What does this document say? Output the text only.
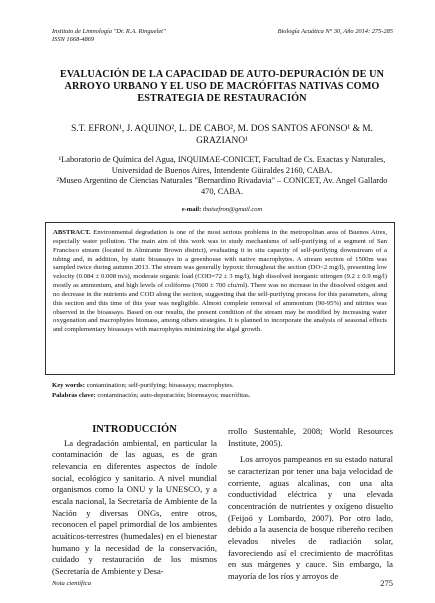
Instituto de Limnología "Dr. R.A. Ringuelet"
ISSN 1668-4869
Biología Acuática N° 30, Año 2014: 275-285
EVALUACIÓN DE LA CAPACIDAD DE AUTO-DEPURACIÓN DE UN ARROYO URBANO Y EL USO DE MACRÓFITAS NATIVAS COMO ESTRATEGIA DE RESTAURACIÓN
S.T. EFRON¹, J. AQUINO², L. DE CABO², M. DOS SANTOS AFONSO¹ & M. GRAZIANO¹
¹Laboratorio de Química del Agua, INQUIMAE-CONICET, Facultad de Cs. Exactas y Naturales, Universidad de Buenos Aires, Intendente Güiraldes 2160, CABA.
²Museo Argentino de Ciencias Naturales "Bernardino Rivadavia" – CONICET, Av. Angel Gallardo 470, CABA.
e-mail: thaisefron@gmail.com
ABSTRACT. Environmental degradation is one of the most serious problems in the metropolitan area of Buenos Aires, especially water pollution. The main aim of this work was to study mechanisms of self-purifying of a segment of San Francisco stream (located in Almirante Brown district), evaluating it in situ capacity of self-purifying downstream of a tubing and, in addition, by static bioassays in a greenhouse with native macrophytes. A stream section of 1500m was sampled twice during autumn 2013. The stream was generally hypoxic throughout the section (DO<2 mg/l), presenting low velocity (0.084 ± 0.008 m/s), moderate organic load (COD=72 ± 3 mg/l), high dissolved inorganic nitrogen (9.2 ± 0.9 mg/l) mostly as ammonium, and high levels of coliforms (7600 ± 700 cfu/ml). There was no increase in the dissolved oxigen and no decrease in the nutrients and COD along the section, suggesting that the self-purifying process for this parameters, along this section and this time of this year was negligible. Almost complete removal of ammonium (90-95%) and nitrites was observed in the bioassays. Based on our results, the present condition of the stream may be modified by increasing water oxygenation and macrophytes biomass, among others strategies. It is planned to incorporate the analysis of seasonal effects and complementary bioassays with macrophytes minimizing the algal growth.
Key words: contamination; self-purifying; bioassays; macrophytes.
Palabras clave: contaminación; auto-depuración; bioensayos; macrófitas.
INTRODUCCIÓN
La degradación ambiental, en particular la contaminación de las aguas, es de gran relevancia en diferentes aspectos de índole social, ecológico y sanitario. A nivel mundial organismos como la ONU y la UNESCO, y a escala nacional, la Secretaría de Ambiente de la Nación y diversas ONGs, entre otros, reconocen el papel primordial de los ambientes acuáticos-terrestres (humedales) en el bienestar humano y la necesidad de la conservación, cuidado y restauración de los mismos (Secretaría de Ambiente y Desa-
rrollo Sustentable, 2008; World Resources Institute, 2005).
Los arroyos pampeanos en su estado natural se caracterizan por tener una baja velocidad de corriente, aguas alcalinas, con una alta conductividad eléctrica y una elevada concentración de nutrientes y oxígeno disuelto (Feijoó y Lombardo, 2007). Por otro lado, debido a la ausencia de bosque ribereño reciben elevados niveles de radiación solar, favoreciendo así el crecimiento de macrófitas en sus márgenes y cauce. Sin embargo, la mayoría de los ríos y arroyos de
Nota científica	275
